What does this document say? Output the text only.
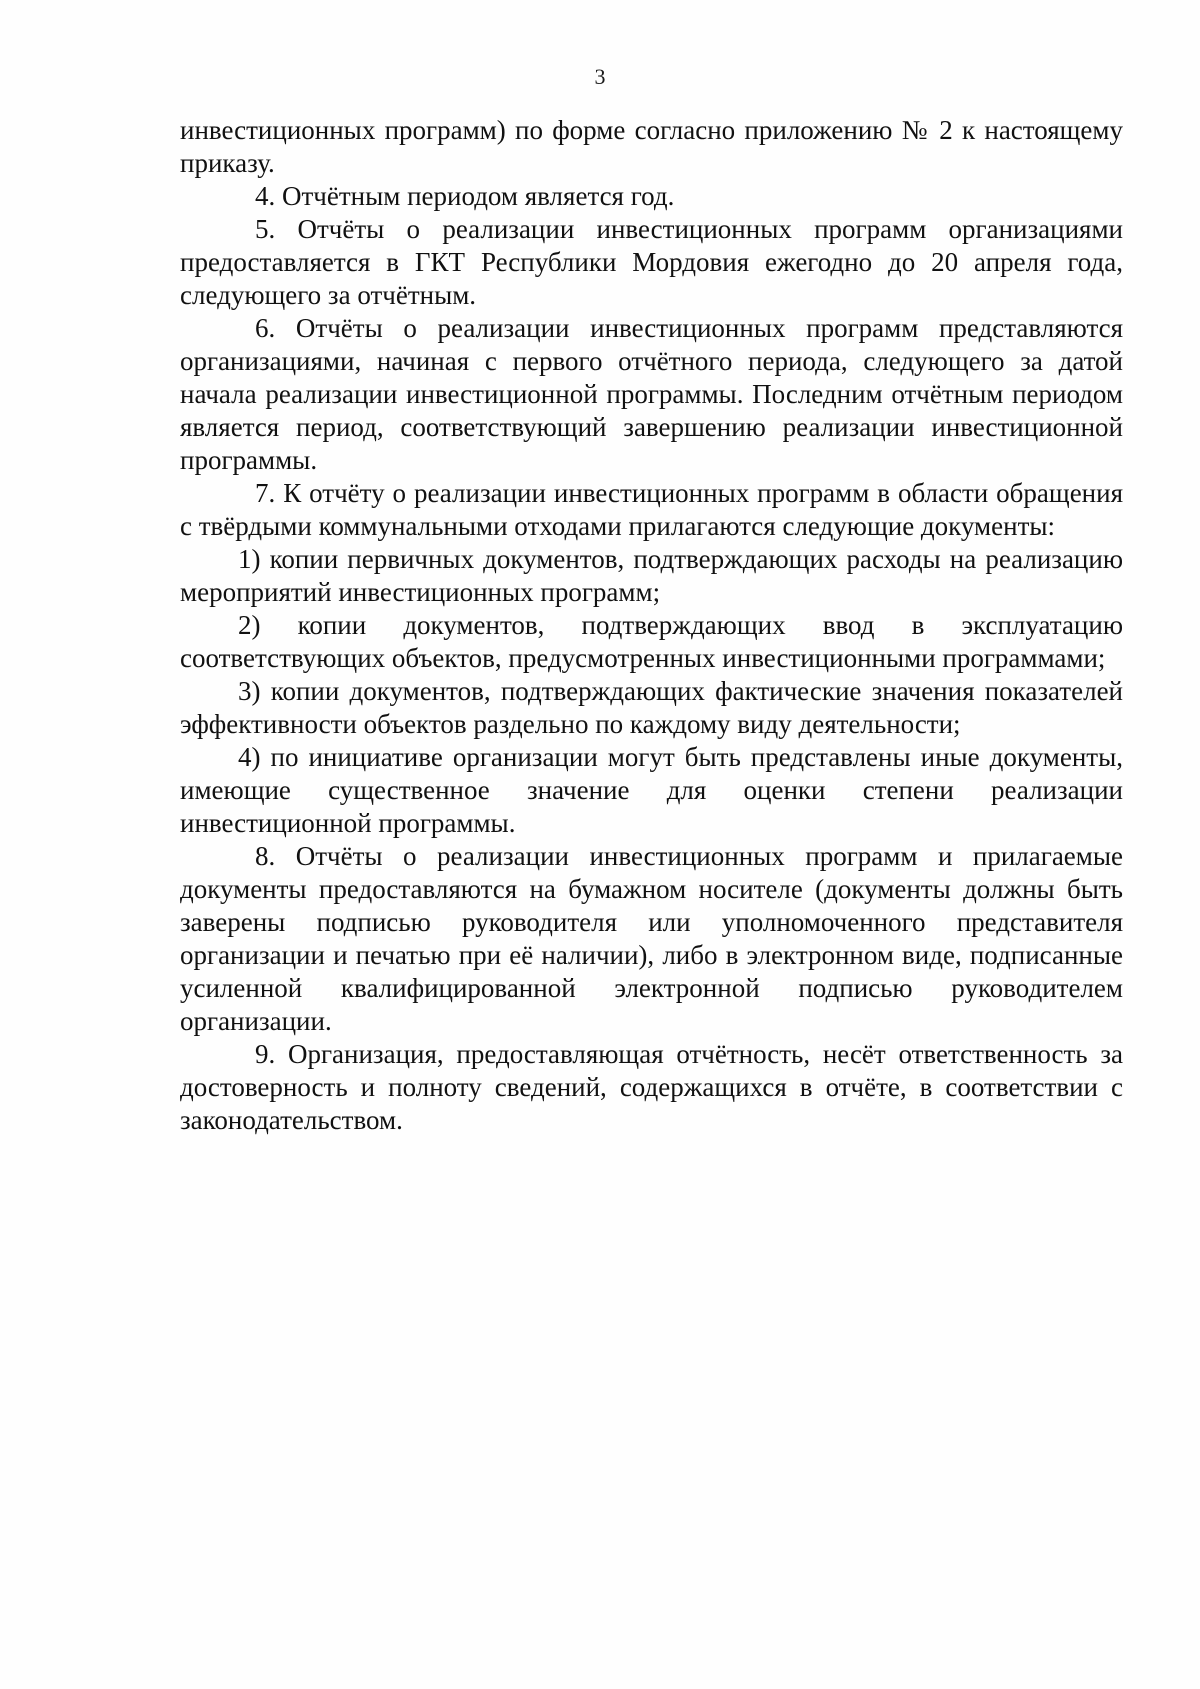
3

инвестиционных программ) по форме согласно приложению № 2 к настоящему приказу.

4. Отчётным периодом является год.

5. Отчёты о реализации инвестиционных программ организациями предоставляется в ГКТ Республики Мордовия ежегодно до 20 апреля года, следующего за отчётным.

6. Отчёты о реализации инвестиционных программ представляются организациями, начиная с первого отчётного периода, следующего за датой начала реализации инвестиционной программы. Последним отчётным периодом является период, соответствующий завершению реализации инвестиционной программы.

7. К отчёту о реализации инвестиционных программ в области обращения с твёрдыми коммунальными отходами прилагаются следующие документы:

1) копии первичных документов, подтверждающих расходы на реализацию мероприятий инвестиционных программ;

2) копии документов, подтверждающих ввод в эксплуатацию соответствующих объектов, предусмотренных инвестиционными программами;

3) копии документов, подтверждающих фактические значения показателей эффективности объектов раздельно по каждому виду деятельности;

4) по инициативе организации могут быть представлены иные документы, имеющие существенное значение для оценки степени реализации инвестиционной программы.

8. Отчёты о реализации инвестиционных программ и прилагаемые документы предоставляются на бумажном носителе (документы должны быть заверены подписью руководителя или уполномоченного представителя организации и печатью при её наличии), либо в электронном виде, подписанные усиленной квалифицированной электронной подписью руководителем организации.

9. Организация, предоставляющая отчётность, несёт ответственность за достоверность и полноту сведений, содержащихся в отчёте, в соответствии с законодательством.
